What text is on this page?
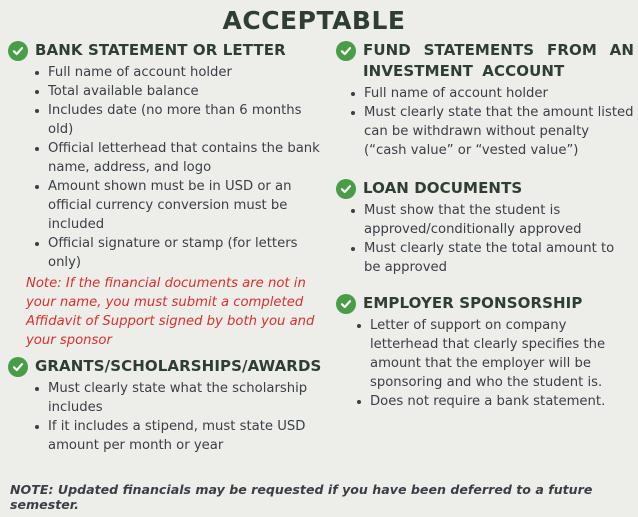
ACCEPTABLE
BANK STATEMENT OR LETTER
Full name of account holder
Total available balance
Includes date (no more than 6 months old)
Official letterhead that contains the bank name, address, and logo
Amount shown must be in USD or an official currency conversion must be included
Official signature or stamp (for letters only)
Note: If the financial documents are not in your name, you must submit a completed Affidavit of Support signed by both you and your sponsor
GRANTS/SCHOLARSHIPS/AWARDS
Must clearly state what the scholarship includes
If it includes a stipend, must state USD amount per month or year
FUND STATEMENTS FROM AN INVESTMENT ACCOUNT
Full name of account holder
Must clearly state that the amount listed can be withdrawn without penalty (“cash value” or “vested value”)
LOAN DOCUMENTS
Must show that the student is approved/conditionally approved
Must clearly state the total amount to be approved
EMPLOYER SPONSORSHIP
Letter of support on company letterhead that clearly specifies the amount that the employer will be sponsoring and who the student is.
Does not require a bank statement.
NOTE: Updated financials may be requested if you have been deferred to a future semester.
